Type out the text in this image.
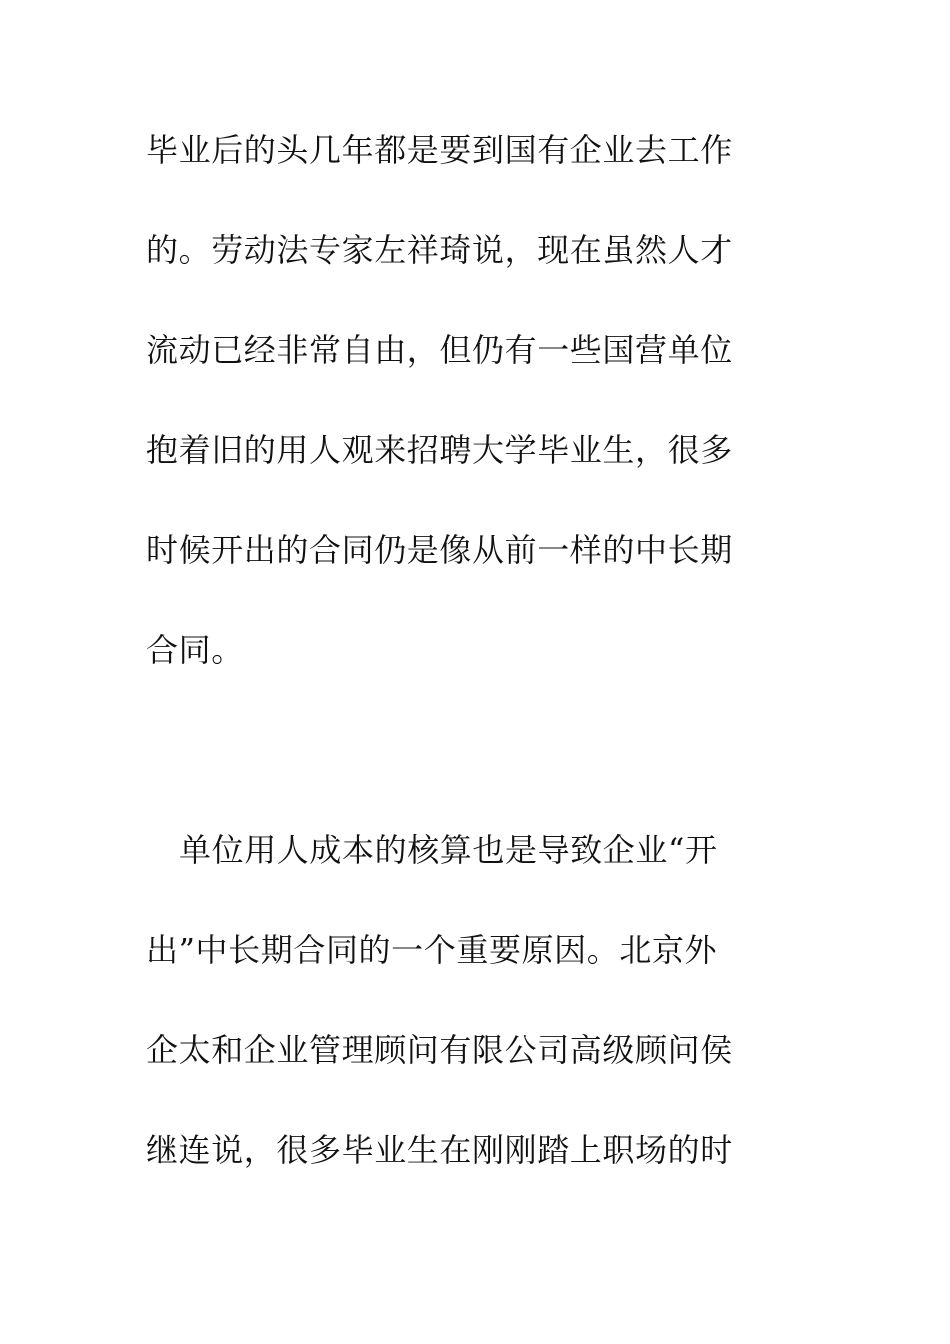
毕业后的头几年都是要到国有企业去工作
的。劳动法专家左祥琦说，现在虽然人才
流动已经非常自由，但仍有一些国营单位
抱着旧的用人观来招聘大学毕业生，很多
时候开出的合同仍是像从前一样的中长期
合同。
单位用人成本的核算也是导致企业“开
出”中长期合同的一个重要原因。北京外
企太和企业管理顾问有限公司高级顾问侯
继连说，很多毕业生在刚刚踏上职场的时
